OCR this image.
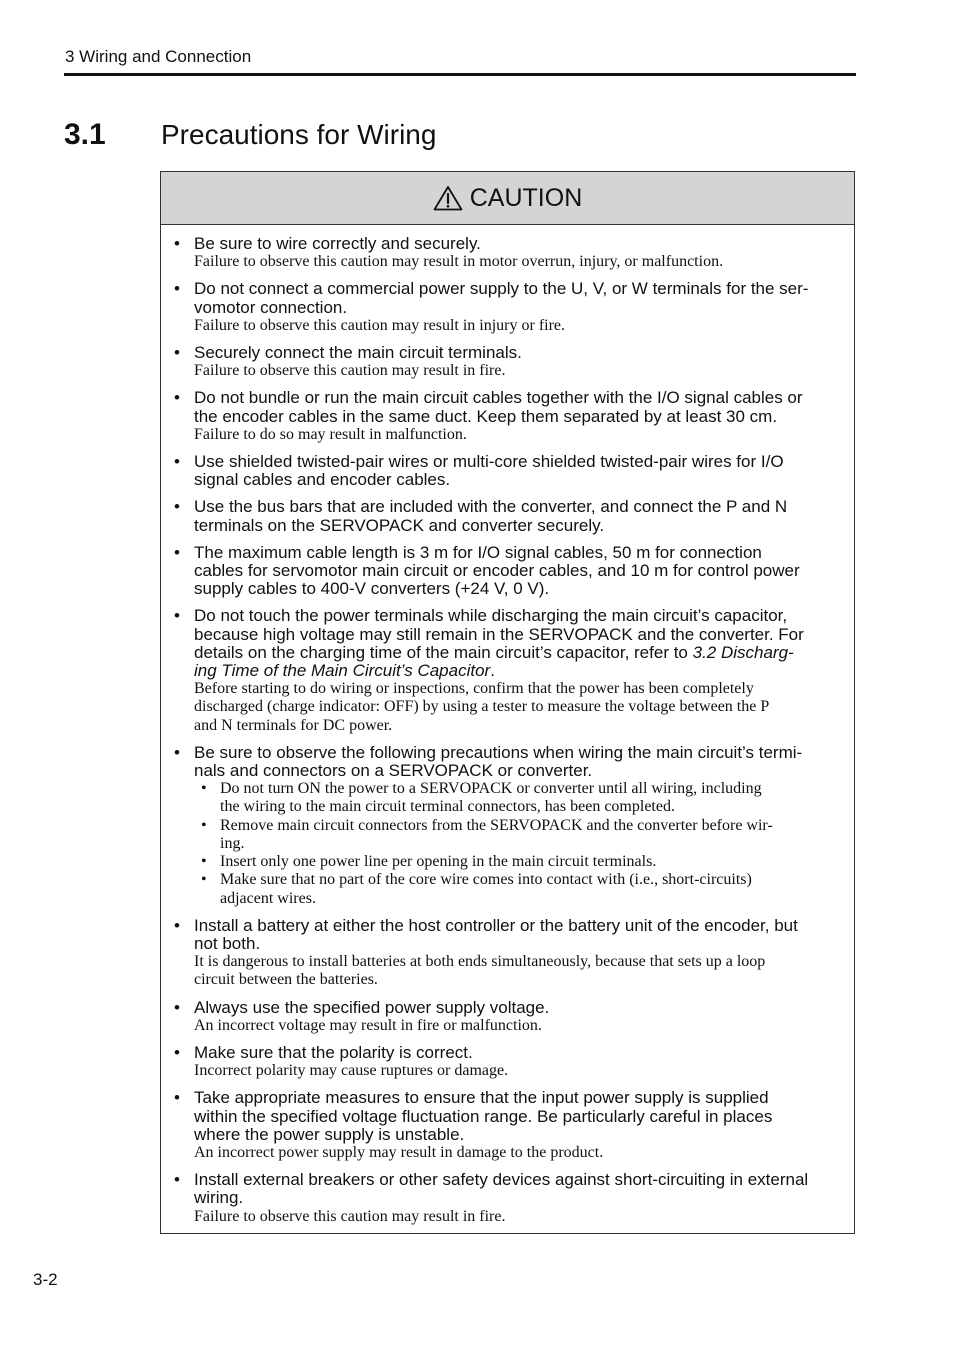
3 Wiring and Connection
3.1 Precautions for Wiring
CAUTION
• Be sure to wire correctly and securely.
Failure to observe this caution may result in motor overrun, injury, or malfunction.
• Do not connect a commercial power supply to the U, V, or W terminals for the ser-
vomotor connection.
Failure to observe this caution may result in injury or fire.
• Securely connect the main circuit terminals.
Failure to observe this caution may result in fire.
• Do not bundle or run the main circuit cables together with the I/O signal cables or
the encoder cables in the same duct. Keep them separated by at least 30 cm.
Failure to do so may result in malfunction.
• Use shielded twisted-pair wires or multi-core shielded twisted-pair wires for I/O
signal cables and encoder cables.
• Use the bus bars that are included with the converter, and connect the P and N
terminals on the SERVOPACK and converter securely.
• The maximum cable length is 3 m for I/O signal cables, 50 m for connection
cables for servomotor main circuit or encoder cables, and 10 m for control power
supply cables to 400-V converters (+24 V, 0 V).
• Do not touch the power terminals while discharging the main circuit’s capacitor,
because high voltage may still remain in the SERVOPACK and the converter. For
details on the charging time of the main circuit’s capacitor, refer to 3.2 Discharg-
ing Time of the Main Circuit’s Capacitor.
Before starting to do wiring or inspections, confirm that the power has been completely
discharged (charge indicator: OFF) by using a tester to measure the voltage between the P
and N terminals for DC power.
• Be sure to observe the following precautions when wiring the main circuit’s termi-
nals and connectors on a SERVOPACK or converter.
• Do not turn ON the power to a SERVOPACK or converter until all wiring, including
the wiring to the main circuit terminal connectors, has been completed.
• Remove main circuit connectors from the SERVOPACK and the converter before wir-
ing.
• Insert only one power line per opening in the main circuit terminals.
• Make sure that no part of the core wire comes into contact with (i.e., short-circuits)
adjacent wires.
• Install a battery at either the host controller or the battery unit of the encoder, but
not both.
It is dangerous to install batteries at both ends simultaneously, because that sets up a loop
circuit between the batteries.
• Always use the specified power supply voltage.
An incorrect voltage may result in fire or malfunction.
• Make sure that the polarity is correct.
Incorrect polarity may cause ruptures or damage.
• Take appropriate measures to ensure that the input power supply is supplied
within the specified voltage fluctuation range. Be particularly careful in places
where the power supply is unstable.
An incorrect power supply may result in damage to the product.
• Install external breakers or other safety devices against short-circuiting in external
wiring.
Failure to observe this caution may result in fire.
3-2
